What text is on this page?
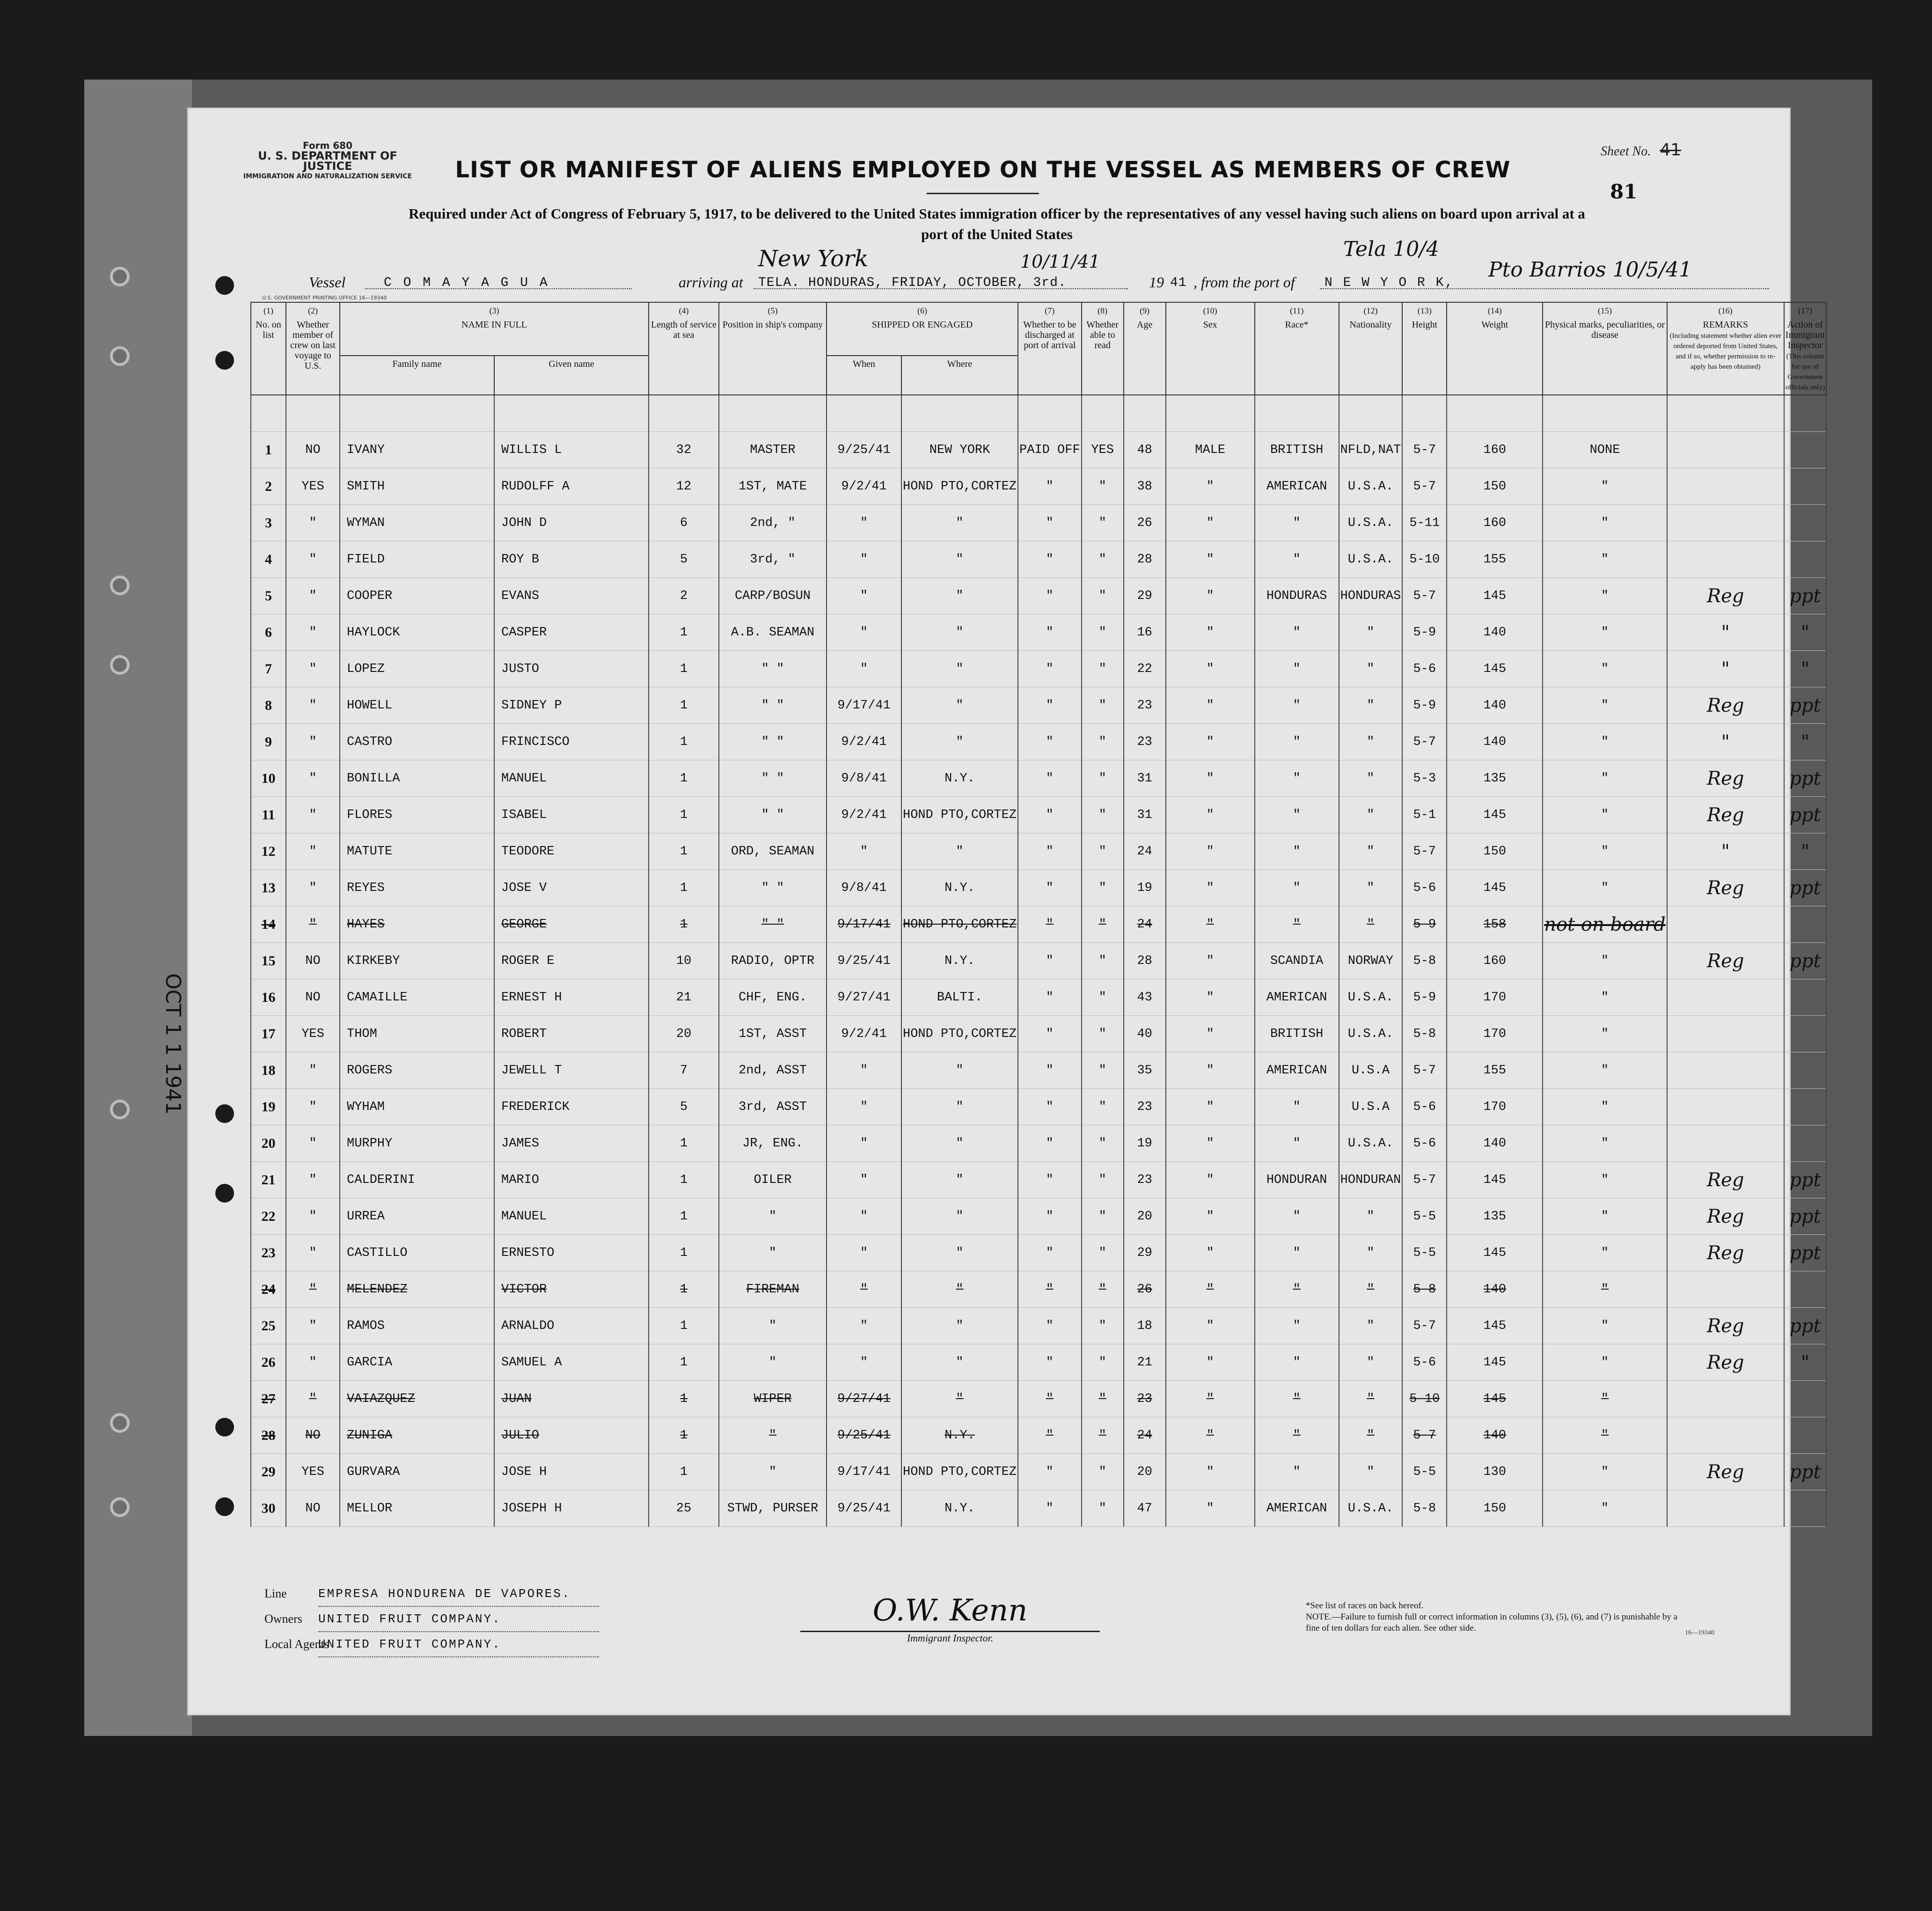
OCT 1 1 1941
Form 680
U. S. DEPARTMENT OF JUSTICE
IMMIGRATION AND NATURALIZATION SERVICE
Sheet No. 41
LIST OR MANIFEST OF ALIENS EMPLOYED ON THE VESSEL AS MEMBERS OF CREW
81
Required under Act of Congress of February 5, 1917, to be delivered to the United States immigration officer by the representatives of any vessel having such aliens on board upon arrival at a
port of the United States
Vessel	C O M A Y A G U A	arriving at
New York
TELA. HONDURAS, FRIDAY, OCTOBER, 3rd.
10/11/41
19 41 , from the port of N E W Y O R K,
Tela 10/4
Pto Barrios 10/5/41
U.S. GOVERNMENT PRINTING OFFICE 16—19340
(1)
No. on list	(2)
Whether member of crew on last voyage to U.S.	(3)
NAME IN FULL		(4)
Length of service at sea	(5)
Position in ship's company	(6)
SHIPPED OR ENGAGED		(7)
Whether to be discharged at port of arrival	(8)
Whether able to read	(9)
Age	(10)
Sex	(11)
Race*	(12)
Nationality	(13)
Height	(14)
Weight	(15)
Physical marks, peculiarities, or disease	(16)
REMARKS
(Including statement whether alien ever ordered deported from United States, and if so, whether permission to re-apply has been obtained)	(17)
Action of Immigrant Inspector
(This column for use of Government officials only)
		Family name	Given name			When	Where											

1	NO	IVANY	WILLIS L	32	MASTER	9/25/41	NEW YORK	PAID OFF	YES	48	MALE	BRITISH	NFLD,NAT	5-7	160	NONE		
2	YES	SMITH	RUDOLFF A	12	1ST, MATE	9/2/41	HOND PTO,CORTEZ	"	"	38	"	AMERICAN	U.S.A.	5-7	150	"		
3	"	WYMAN	JOHN D	6	2nd, "	"	"	"	"	26	"	"	U.S.A.	5-11	160	"		
4	"	FIELD	ROY B	5	3rd, "	"	"	"	"	28	"	"	U.S.A.	5-10	155	"		
5	"	COOPER	EVANS	2	CARP/BOSUN	"	"	"	"	29	"	HONDURAS	HONDURAS	5-7	145	"	Reg	ppt
6	"	HAYLOCK	CASPER	1	A.B. SEAMAN	"	"	"	"	16	"	"	"	5-9	140	"	"	"
7	"	LOPEZ	JUSTO	1	" "	"	"	"	"	22	"	"	"	5-6	145	"	"	"
8	"	HOWELL	SIDNEY P	1	" "	9/17/41	"	"	"	23	"	"	"	5-9	140	"	Reg	ppt
9	"	CASTRO	FRINCISCO	1	" "	9/2/41	"	"	"	23	"	"	"	5-7	140	"	"	"
10	"	BONILLA	MANUEL	1	" "	9/8/41	N.Y.	"	"	31	"	"	"	5-3	135	"	Reg	ppt
11	"	FLORES	ISABEL	1	" "	9/2/41	HOND PTO,CORTEZ	"	"	31	"	"	"	5-1	145	"	Reg	ppt
12	"	MATUTE	TEODORE	1	ORD, SEAMAN	"	"	"	"	24	"	"	"	5-7	150	"	"	"
13	"	REYES	JOSE V	1	" "	9/8/41	N.Y.	"	"	19	"	"	"	5-6	145	"	Reg	ppt
14	"	HAYES	GEORGE	1	" "	9/17/41	HOND PTO,CORTEZ	"	"	24	"	"	"	5-9	158	not on board		
15	NO	KIRKEBY	ROGER E	10	RADIO, OPTR	9/25/41	N.Y.	"	"	28	"	SCANDIA	NORWAY	5-8	160	"	Reg	ppt
16	NO	CAMAILLE	ERNEST H	21	CHF, ENG.	9/27/41	BALTI.	"	"	43	"	AMERICAN	U.S.A.	5-9	170	"		
17	YES	THOM	ROBERT	20	1ST, ASST	9/2/41	HOND PTO,CORTEZ	"	"	40	"	BRITISH	U.S.A.	5-8	170	"		
18	"	ROGERS	JEWELL T	7	2nd, ASST	"	"	"	"	35	"	AMERICAN	U.S.A	5-7	155	"		
19	"	WYHAM	FREDERICK	5	3rd, ASST	"	"	"	"	23	"	"	U.S.A	5-6	170	"		
20	"	MURPHY	JAMES	1	JR, ENG.	"	"	"	"	19	"	"	U.S.A.	5-6	140	"		
21	"	CALDERINI	MARIO	1	OILER	"	"	"	"	23	"	HONDURAN	HONDURAN	5-7	145	"	Reg	ppt
22	"	URREA	MANUEL	1	"	"	"	"	"	20	"	"	"	5-5	135	"	Reg	ppt
23	"	CASTILLO	ERNESTO	1	"	"	"	"	"	29	"	"	"	5-5	145	"	Reg	ppt
24	"	MELENDEZ	VICTOR	1	FIREMAN	"	"	"	"	26	"	"	"	5-8	140	"		
25	"	RAMOS	ARNALDO	1	"	"	"	"	"	18	"	"	"	5-7	145	"	Reg	ppt
26	"	GARCIA	SAMUEL A	1	"	"	"	"	"	21	"	"	"	5-6	145	"	Reg	"
27	"	VAIAZQUEZ	JUAN	1	WIPER	9/27/41	"	"	"	23	"	"	"	5-10	145	"		
28	NO	ZUNIGA	JULIO	1	"	9/25/41	N.Y.	"	"	24	"	"	"	5-7	140	"		
29	YES	GURVARA	JOSE H	1	"	9/17/41	HOND PTO,CORTEZ	"	"	20	"	"	"	5-5	130	"	Reg	ppt
30	NO	MELLOR	JOSEPH H	25	STWD, PURSER	9/25/41	N.Y.	"	"	47	"	AMERICAN	U.S.A.	5-8	150	"		
Line	EMPRESA HONDURENA DE VAPORES.
Owners UNITED FRUIT COMPANY.
Local Agents
UNITED FRUIT COMPANY.
O.W. Kenn
Immigrant Inspector.
*See list of races on back hereof.
NOTE.—Failure to furnish full or correct information in columns (3), (5), (6), and (7) is punishable by a fine of ten dollars for each alien. See other side.	16—19340
